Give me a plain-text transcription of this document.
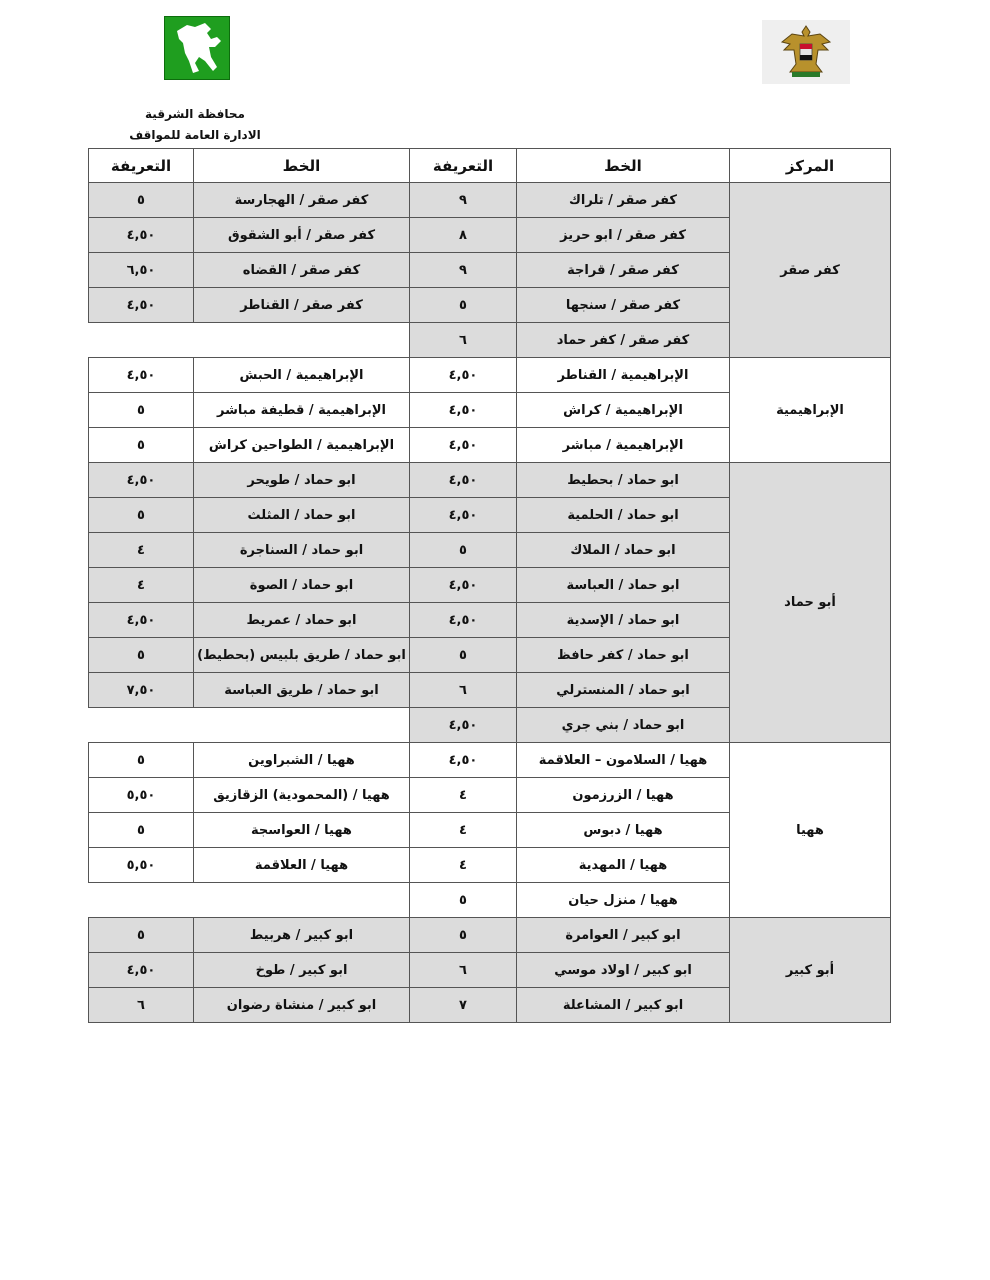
محافظة الشرقية
الادارة العامة للمواقف
المركز	الخط	التعريفة	الخط	التعريفة
كفر صقر	كفر صقر / تلراك	٩	كفر صقر / الهجارسة	٥
	كفر صقر / ابو حريز	٨	كفر صقر / أبو الشقوق	٤,٥٠
	كفر صقر / قراجة	٩	كفر صقر / القضاه	٦,٥٠
	كفر صقر / سنجها	٥	كفر صقر / القناطر	٤,٥٠
	كفر صقر / كفر حماد	٦		
الإبراهيمية	الإبراهيمية / القناطر	٤,٥٠	الإبراهيمية / الحبش	٤,٥٠
	الإبراهيمية / كراش	٤,٥٠	الإبراهيمية / قطيفة مباشر	٥
	الإبراهيمية / مباشر	٤,٥٠	الإبراهيمية / الطواحين كراش	٥
أبو حماد	ابو حماد / بحطيط	٤,٥٠	ابو حماد / طويحر	٤,٥٠
	ابو حماد / الحلمية	٤,٥٠	ابو حماد / المثلث	٥
	ابو حماد / الملاك	٥	ابو حماد / السناجرة	٤
	ابو حماد / العباسة	٤,٥٠	ابو حماد / الصوة	٤
	ابو حماد / الإسدية	٤,٥٠	ابو حماد / عمريط	٤,٥٠
	ابو حماد / كفر حافظ	٥	ابو حماد / طريق بلبيس (بحطيط)	٥
	ابو حماد / المنسترلي	٦	ابو حماد / طريق العباسة	٧,٥٠
	ابو حماد / بني جري	٤,٥٠		
ههيا	ههيا / السلامون – العلاقمة	٤,٥٠	ههيا / الشبراوين	٥
	ههيا / الزرزمون	٤	ههيا / (المحمودية) الزقازيق	٥,٥٠
	ههيا / دبوس	٤	ههيا / العواسجة	٥
	ههيا / المهدية	٤	ههيا / العلاقمة	٥,٥٠
	ههيا / منزل حيان	٥		
أبو كبير	ابو كبير / العوامرة	٥	ابو كبير / هربيط	٥
	ابو كبير / اولاد موسي	٦	ابو كبير / طوخ	٤,٥٠
	ابو كبير / المشاعلة	٧	ابو كبير / منشاة رضوان	٦
